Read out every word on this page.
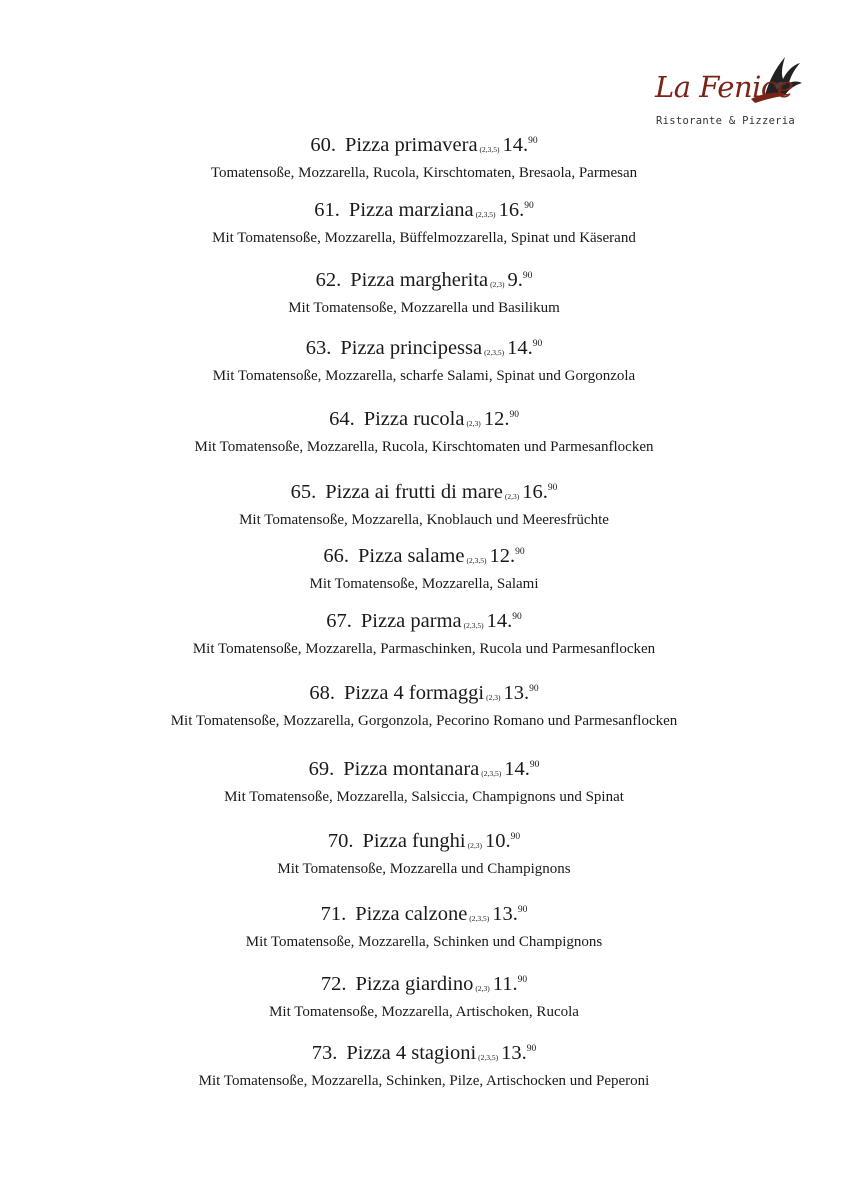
La Fenice
Ristorante & Pizzeria
60. Pizza primavera (2,3,5) 14.90
Tomatensoße, Mozzarella, Rucola, Kirschtomaten, Bresaola, Parmesan
61. Pizza marziana (2,3,5) 16.90
Mit Tomatensoße, Mozzarella, Büffelmozzarella, Spinat und Käserand
62. Pizza margherita (2,3) 9.90
Mit Tomatensoße, Mozzarella und Basilikum
63. Pizza principessa (2,3,5) 14.90
Mit Tomatensoße, Mozzarella, scharfe Salami, Spinat und Gorgonzola
64. Pizza rucola (2,3) 12.90
Mit Tomatensoße, Mozzarella, Rucola, Kirschtomaten und Parmesanflocken
65. Pizza ai frutti di mare (2,3) 16.90
Mit Tomatensoße, Mozzarella, Knoblauch und Meeresfrüchte
66. Pizza salame (2,3,5) 12.90
Mit Tomatensoße, Mozzarella, Salami
67. Pizza parma (2,3,5) 14.90
Mit Tomatensoße, Mozzarella, Parmaschinken, Rucola und Parmesanflocken
68. Pizza 4 formaggi (2,3) 13.90
Mit Tomatensoße, Mozzarella, Gorgonzola, Pecorino Romano und Parmesanflocken
69. Pizza montanara (2,3,5) 14.90
Mit Tomatensoße, Mozzarella, Salsiccia, Champignons und Spinat
70. Pizza funghi (2,3) 10.90
Mit Tomatensoße, Mozzarella und Champignons
71. Pizza calzone (2,3,5) 13.90
Mit Tomatensoße, Mozzarella, Schinken und Champignons
72. Pizza giardino (2,3) 11.90
Mit Tomatensoße, Mozzarella, Artischoken, Rucola
73. Pizza 4 stagioni (2,3,5) 13.90
Mit Tomatensoße, Mozzarella, Schinken, Pilze, Artischocken und Peperoni
